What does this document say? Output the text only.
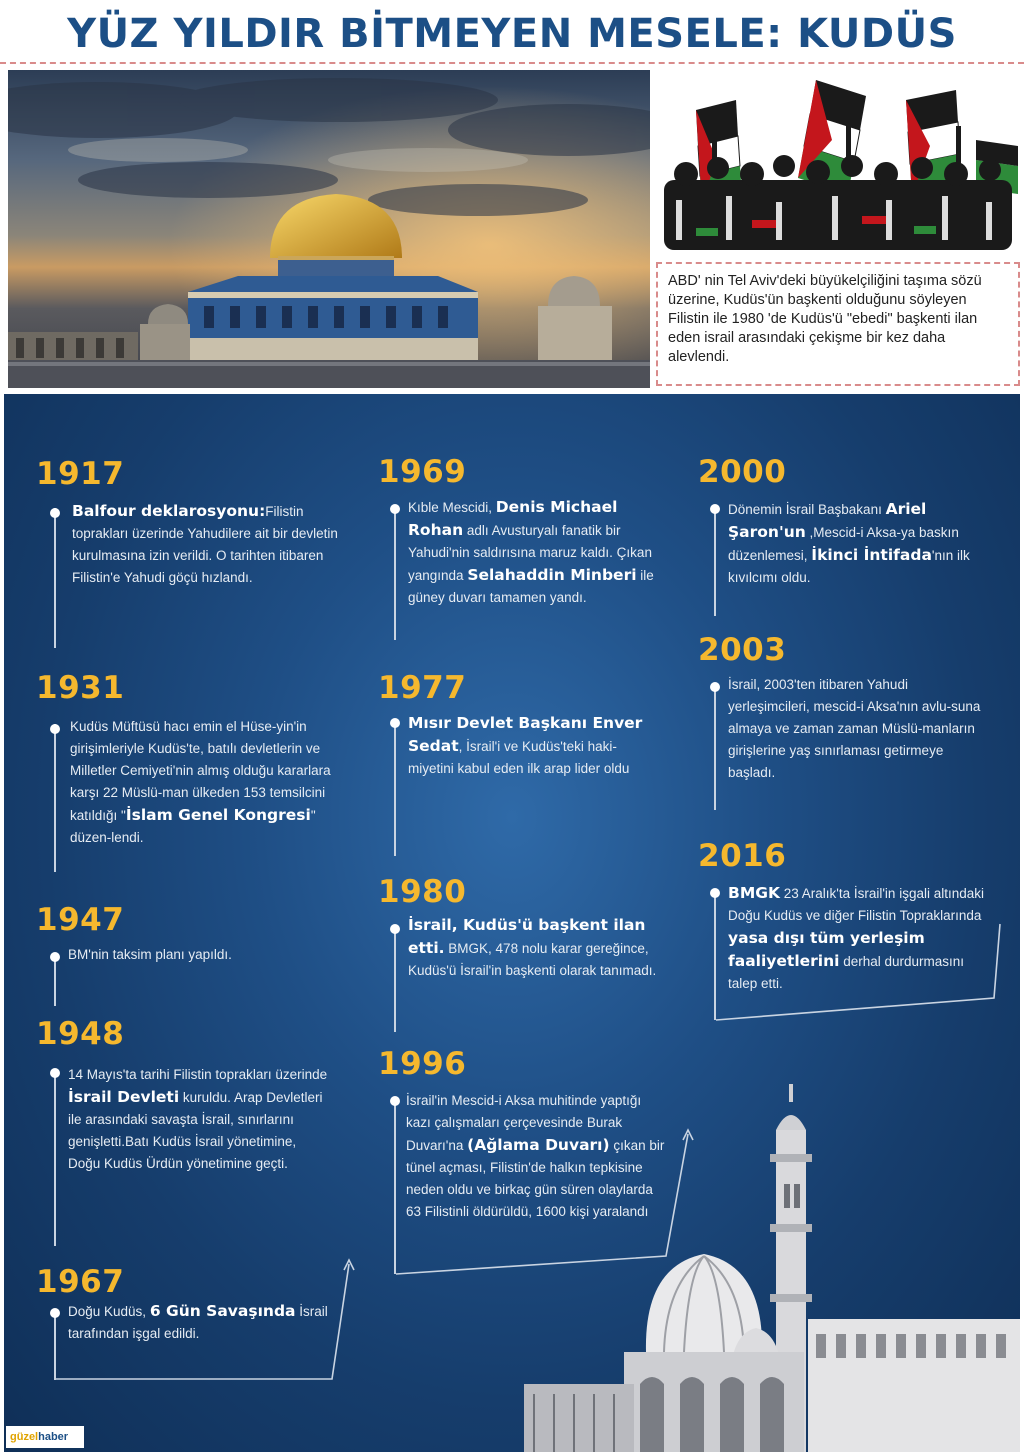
YÜZ YILDIR BİTMEYEN MESELE: KUDÜS

ABD' nin Tel Aviv'deki büyükelçiliğini taşıma sözü üzerine, Kudüs'ün başkenti olduğunu söyleyen Filistin ile 1980 'de Kudüs'ü "ebedi" başkenti ilan eden israil arasındaki çekişme bir kez daha alevlendi.

1917
Balfour deklarosyonu:Filistin toprakları üzerinde Yahudilere ait bir devletin kurulmasına izin verildi. O tarihten itibaren Filistin'e Yahudi göçü hızlandı.
1931
Kudüs Müftüsü hacı emin el Hüse-yin'in girişimleriyle Kudüs'te, batılı devletlerin ve Milletler Cemiyeti'nin almış olduğu kararlara karşı 22 Müslü-man ülkeden 153 temsilcini katıldığı "İslam Genel Kongresi" düzen-lendi.
1947
BM'nin taksim planı yapıldı.
1948
14 Mayıs'ta tarihi Filistin toprakları üzerinde İsrail Devleti kuruldu. Arap Devletleri ile arasındaki savaşta İsrail, sınırlarını genişletti.Batı Kudüs İsrail yönetimine, Doğu Kudüs Ürdün yönetimine geçti.
1967
Doğu Kudüs, 6 Gün Savaşında İsrail tarafından işgal edildi.
1969
Kıble Mescidi, Denis Michael Rohan adlı Avusturyalı fanatik bir Yahudi'nin saldırısına maruz kaldı. Çıkan yangında Selahaddin Minberi ile güney duvarı tamamen yandı.
1977
Mısır Devlet Başkanı Enver Sedat, İsrail'i ve Kudüs'teki haki-miyetini kabul eden ilk arap lider oldu
1980
İsrail, Kudüs'ü başkent ilan etti. BMGK, 478 nolu karar gereğince, Kudüs'ü İsrail'in başkenti olarak tanımadı.
1996
İsrail'in Mescid-i Aksa muhitinde yaptığı kazı çalışmaları çerçevesinde Burak Duvarı'na (Ağlama Duvarı) çıkan bir tünel açması, Filistin'de halkın tepkisine neden oldu ve birkaç gün süren olaylarda 63 Filistinli öldürüldü, 1600 kişi yaralandı
2000
Dönemin İsrail Başbakanı Ariel Şaron'un ,Mescid-i Aksa-ya baskın düzenlemesi, İkinci İntifada'nın ilk kıvılcımı oldu.
2003
İsrail, 2003'ten itibaren Yahudi yerleşimcileri, mescid-i Aksa'nın avlu-suna almaya ve zaman zaman Müslü-manların girişlerine yaş sınırlaması getirmeye başladı.
2016
BMGK 23 Aralık'ta İsrail'in işgali altındaki Doğu Kudüs ve diğer Filistin Topraklarında yasa dışı tüm yerleşim faaliyetlerini derhal durdurmasını talep etti.
güzelhaber
